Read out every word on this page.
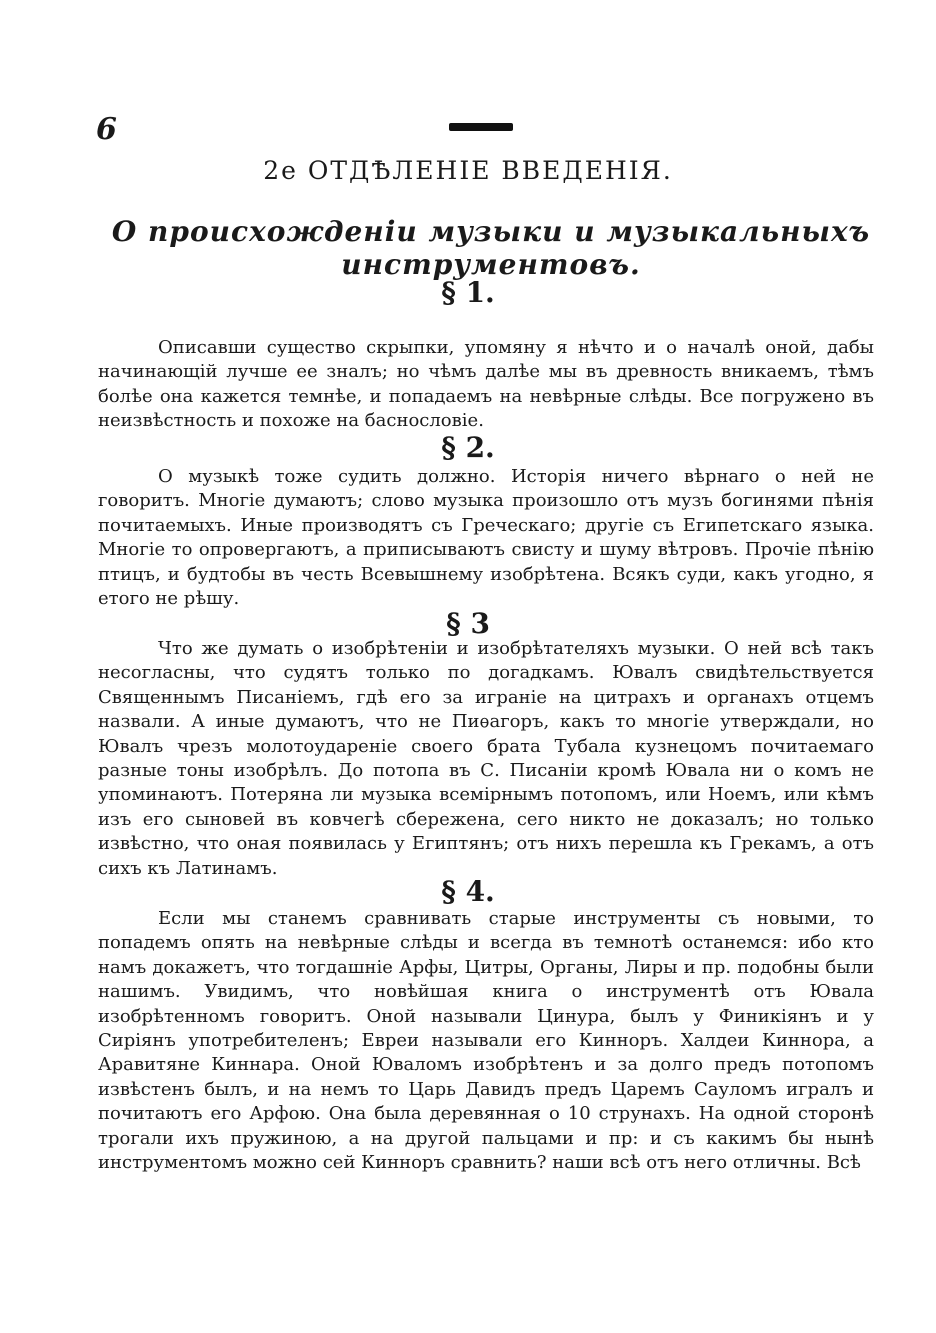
6
2е ОТДѢЛЕНIЕ ВВЕДЕНIЯ.
О происхожденiи музыки и музыкальныхъ инструментовъ.
§ 1.
Описавши существо скрыпки, упомяну я нѣчто и о началѣ оной, дабы начинающiй лучше ее зналъ; но чѣмъ далѣе мы въ древность вникаемъ, тѣмъ болѣе она кажется темнѣе, и попадаемъ на невѣрные слѣды. Все погружено въ неизвѣстность и похоже на баснословiе.
§ 2.
О музыкѣ тоже судить должно. Исторiя ничего вѣрнаго о ней не говоритъ. Многiе думаютъ; слово музыка произошло отъ музъ богинями пѣнiя почитаемыхъ. Иные производятъ съ Греческаго; другiе съ Египетскаго языка. Многiе то опровергаютъ, а приписываютъ свисту и шуму вѣтровъ. Прочiе пѣнiю птицъ, и будтобы въ честь Всевышнему изобрѣтена. Всякъ суди, какъ угодно, я етого не рѣшу.
§ 3
Что же думать о изобрѣтенiи и изобрѣтателяхъ музыки. О ней всѣ такъ несогласны, что судятъ только по догадкамъ. Ювалъ свидѣтельствуется Священнымъ Писанiемъ, гдѣ его за игранiе на цитрахъ и органахъ отцемъ назвали. А иные думаютъ, что не Пиѳагоръ, какъ то многiе утверждали, но Ювалъ чрезъ молотоударенiе своего брата Тубала кузнецомъ почитаемаго разные тоны изобрѣлъ. До потопа въ С. Писанiи кромѣ Ювала ни о комъ не упоминаютъ. Потеряна ли музыка всемiрнымъ потопомъ, или Ноемъ, или кѣмъ изъ его сыновей въ ковчегѣ сбережена, сего никто не доказалъ; но только извѣстно, что оная появилась у Египтянъ; отъ нихъ перешла къ Грекамъ, а отъ сихъ къ Латинамъ.
§ 4.
Если мы станемъ сравнивать старые инструменты съ новыми, то попадемъ опять на невѣрные слѣды и всегда въ темнотѣ останемся: ибо кто намъ докажетъ, что тогдашнiе Арфы, Цитры, Органы, Лиры и пр. подобны были нашимъ. Увидимъ, что новѣйшая книга о инструментѣ отъ Ювала изобрѣтенномъ говоритъ. Оной называли Цинура, былъ у Финикiянъ и у Сирiянъ употребителенъ; Евреи называли его Кинноръ. Халдеи Киннора, а Аравитяне Киннара. Оной Юваломъ изобрѣтенъ и за долго предъ потопомъ извѣстенъ былъ, и на немъ то Царь Давидъ предъ Царемъ Сауломъ игралъ и почитаютъ его Арфою. Она была деревянная о 10 струнахъ. На одной сторонѣ трогали ихъ пружиною, а на другой пальцами и пр: и съ какимъ бы нынѣ инструментомъ можно сей Кинноръ сравнить? наши всѣ отъ него отличны. Всѣ
